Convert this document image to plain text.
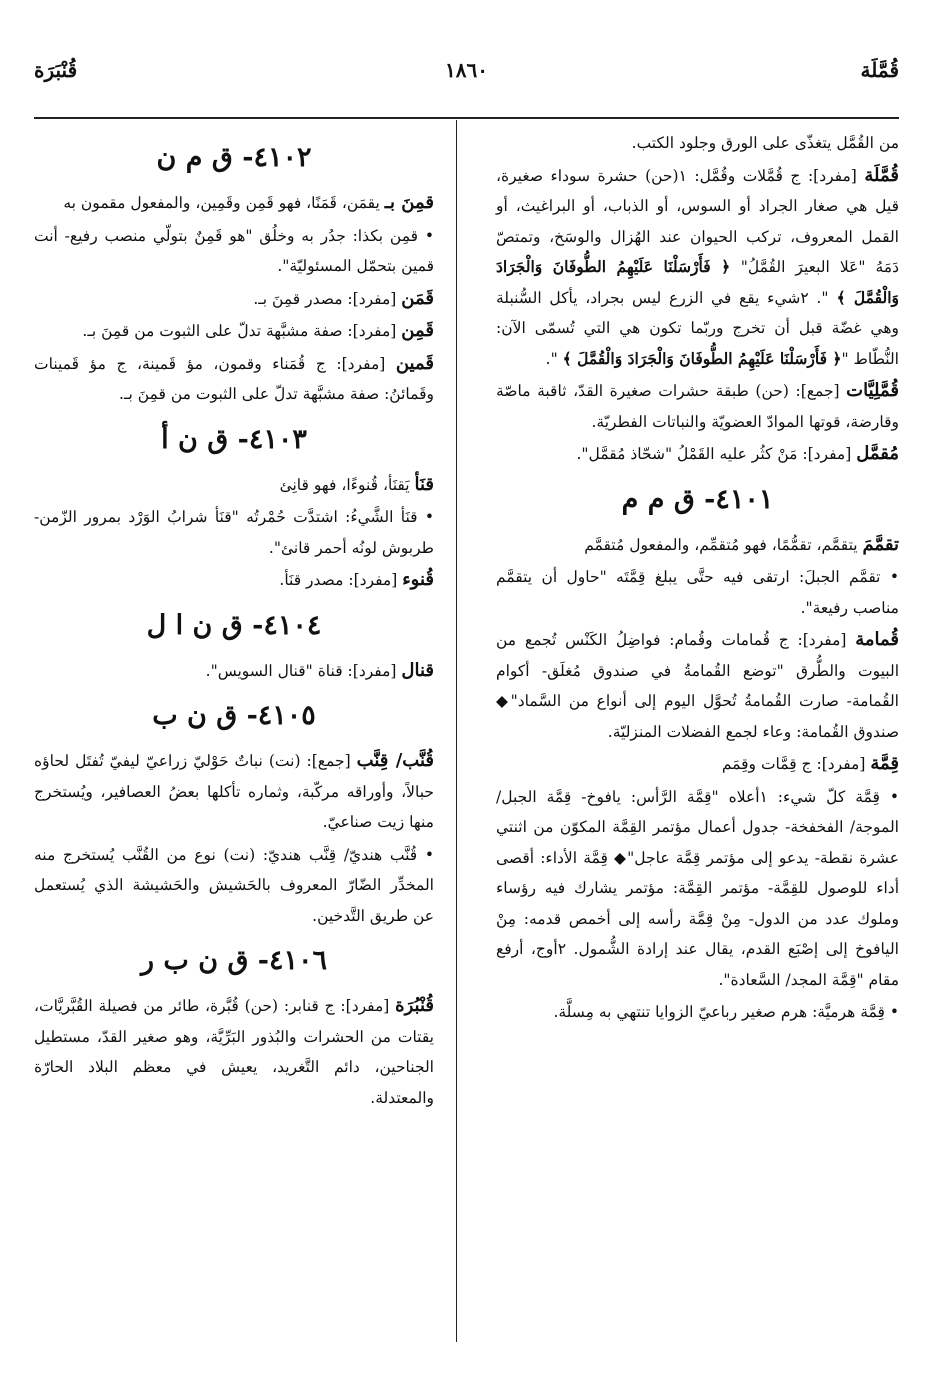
قُمَّلَة
١٨٦٠
قُنْبَرَة

من القُمَّل يتغذّى على الورق وجلود الكتب.

قُمَّلَة [مفرد]: ج قُمَّلات وقُمَّل: ١(حن) حشرة سوداء صغيرة، قيل هي صغار الجراد أو السوس، أو الذباب، أو البراغيث، أو القمل المعروف، تركب الحيوان عند الهُزال والوسَخ، وتمتصّ دَمَهُ "عَلا البعيرَ القُمَّلُ" ﴿ فَأَرْسَلْنَا عَلَيْهِمُ الطُّوفَانَ وَالْجَرَادَ وَالْقُمَّلَ ﴾ ". ٢شيء يقع في الزرع ليس بجراد، يأكل السُّنبلة وهي غضّة قبل أن تخرج وربّما تكون هي التي تُسمّى الآن: النُّطّاط "﴿ فَأَرْسَلْنَا عَلَيْهِمُ الطُّوفَانَ وَالْجَرَادَ وَالْقُمَّلَ ﴾ ".

قُمَّلِيَّات [جمع]: (حن) طبقة حشرات صغيرة القدّ، ثاقبة ماصّة وقارضة، قوتها الموادّ العضويّة والنباتات الفطريّة.

مُقمَّل [مفرد]: مَنْ كثُر عليه القَمْلُ "شحّاذ مُقمَّل".

٤١٠١- ق م م

تقمَّمَ يتقمَّم، تقمُّمًا، فهو مُتقمِّم، والمفعول مُتقمَّم

• تقمَّم الجبلَ: ارتقى فيه حتَّى يبلغ قِمَّتَه "حاول أن يتقمَّم مناصب رفيعة".

قُمامة [مفرد]: ج قُمامات وقُمام: فواضِلُ الكَنْس تُجمع من البيوت والطُّرق "توضع القُمامةُ في صندوق مُغلَق- أكوام القُمامة- صارت القُمامةُ تُحوَّل اليوم إلى أنواع من السَّماد"◆ صندوق القُمامة: وعاء لجمع الفضلات المنزليّة.

قِمَّة [مفرد]: ج قِمَّات وقِمَم

• قِمَّة كلّ شيء: ١أعلاه "قِمَّة الرَّأس: يافوخ- قِمَّة الجبل/ الموجة/ الفخفخة- جدول أعمال مؤتمر القِمَّة المكوّن من اثنتي عشرة نقطة- يدعو إلى مؤتمر قِمَّة عاجل"◆ قِمَّة الأداء: أقصى أداء للوصول للقِمَّة- مؤتمر القِمَّة: مؤتمر يشارك فيه رؤساء وملوك عدد من الدول- مِنْ قِمَّة رأسه إلى أخمص قدمه: مِنْ اليافوخ إلى إصْبَع القدم، يقال عند إرادة الشُّمول. ٢أوج، أرفع مقام "قِمَّة المجد/ السَّعادة".

• قِمَّة هرميَّة: هرم صغير رباعيّ الزوايا تنتهي به مِسلَّة.

٤١٠٢- ق م ن

قمِنَ بـ يقمَن، قَمَنًا، فهو قَمِن وقَمِين، والمفعول مقمون به

• قمِن بكذا: جدُر به وخلُق "هو قَمِنٌ بتولّي منصب رفيع- أنت قمين بتحمّل المسئوليّة".

قَمَن [مفرد]: مصدر قمِنَ بـ.

قَمِن [مفرد]: صفة مشبَّهة تدلّ على الثبوت من قمِنَ بـ.

قَمين [مفرد]: ج قُمَناء وقمون، مؤ قَمينة، ج مؤ قَمينات وقَمائنُ: صفة مشبَّهة تدلّ على الثبوت من قمِنَ بـ.

٤١٠٣- ق ن أ

قنَأ يَقنَأ، قُنوءًا، فهو قانِئ

• قنَأ الشَّيءُ: اشتدَّت حُمْرتُه "قنَأ شرابُ الوَرْد بمرور الزّمن- طربوش لونُه أحمر قانئ".

قُنوء [مفرد]: مصدر قنَأ.

٤١٠٤- ق ن ا ل

قنال [مفرد]: قناة "قنال السويس".

٤١٠٥- ق ن ب

قُنَّب/ قِنَّب [جمع]: (نت) نباتٌ حَوْليّ زراعيّ ليفيّ تُفتَل لحاؤه حبالاً، وأوراقه مركّبة، وثماره تأكلها بعضُ العصافير، ويُستخرج منها زيت صناعيّ.

• قُنَّب هنديّ/ قِنَّب هنديّ: (نت) نوع من القُنَّب يُستخرج منه المخدِّر الضّارّ المعروف بالحَشيش والحَشيشة الذي يُستعمل عن طريق التَّدخين.

٤١٠٦- ق ن ب ر

قُنْبُرَة [مفرد]: ج قنابر: (حن) قُبَّرة، طائر من فصيلة القُبَّريَّات، يقتات من الحشرات والبُذور البَرِّيَّة، وهو صغير القدّ، مستطيل الجناحين، دائم التَّغريد، يعيش في معظم البلاد الحارّة والمعتدلة.
